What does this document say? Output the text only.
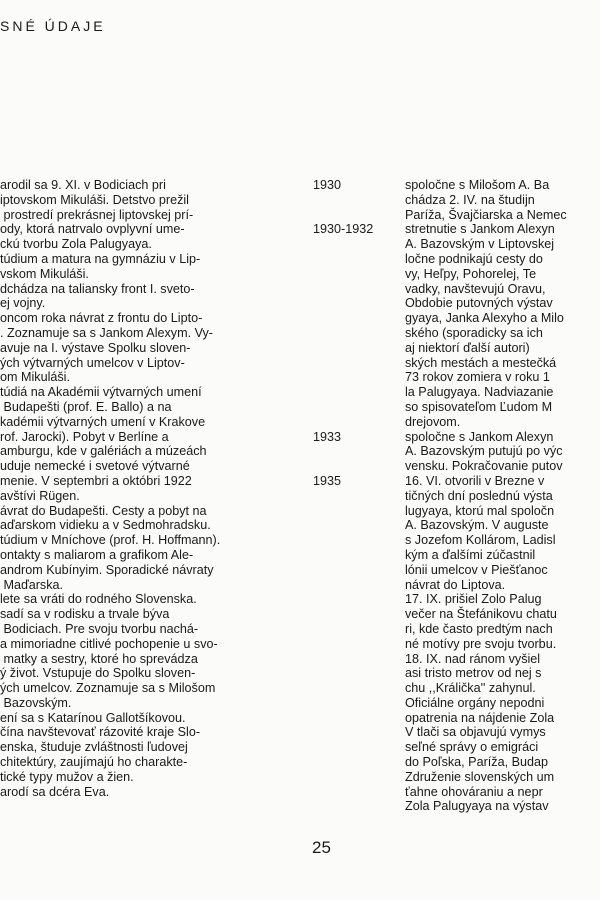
SNÉ ÚDAJE
arodil sa 9. XI. v Bodiciach pri
iptovskom Mikuláši. Detstvo prežil
prostredí prekrásnej liptovskej prí-
ody, ktorá natrvalo ovplyvní ume-
ckú tvorbu Zola Palugyaya.
túdium a matura na gymnáziu v Lip-
vskom Mikuláši.
dchádza na taliansky front I. sveto-
ej vojny.
oncom roka návrat z frontu do Lipto-
. Zoznamuje sa s Jankom Alexym. Vy-
avuje na I. výstave Spolku sloven-
ých výtvarných umelcov v Liptov-
om Mikuláši.
túdiá na Akadémii výtvarných umení
Budapešti (prof. E. Ballo) a na
kadémii výtvarných umení v Krakove
rof. Jarocki). Pobyt v Berlíne a
amburgu, kde v galériách a múzeách
uduje nemecké i svetové výtvarné
menie. V septembri a októbri 1922
avštívi Rügen.
ávrat do Budapešti. Cesty a pobyt na
aďarskom vidieku a v Sedmohradsku.
túdium v Mníchove (prof. H. Hoffmann).
ontakty s maliarom a grafikom Ale-
androm Kubínyim. Sporadické návraty
Maďarska.
lete sa vráti do rodného Slovenska.
sadí sa v rodisku a trvale býva
Bodiciach. Pre svoju tvorbu nachá-
a mimoriadne citlivé pochopenie u svo-
matky a sestry, ktoré ho sprevádza
ý život. Vstupuje do Spolku sloven-
ých umelcov. Zoznamuje sa s Milošom
Bazovským.
ení sa s Katarínou Gallotšíkovou.
čína navštevovať rázovité kraje Slo-
enska, študuje zvláštnosti ľudovej
chitektúry, zaujímajú ho charakte-
tické typy mužov a žien.
arodí sa dcéra Eva.
1930
1930-1932
1933
1935
spoločne s Milošom A. Ba
chádza 2. IV. na študijn
Paríža, Švajčiarska a Nemec
stretnutie s Jankom Alexyn
A. Bazovským v Liptovskej
ločne podnikajú cesty do
vy, Heľpy, Pohorelej, Te
vadky, navštevujú Oravu,
Obdobie putovných výstav
gyaya, Janka Alexyho a Milo
ského (sporadicky sa ich
aj niektorí ďalší autori)
ských mestách a mestečká
73 rokov zomiera v roku 1
la Palugyaya. Nadviazanie
so spisovateľom Ľudom M
drejovom.
spoločne s Jankom Alexyn
A. Bazovským putujú po výc
vensku. Pokračovanie putov
16. VI. otvorili v Brezne v
tičných dní poslednú výsta
lugyaya, ktorú mal spoločn
A. Bazovským. V auguste
s Jozefom Kollárom, Ladisl
kým a ďalšími zúčastnil
lónii umelcov v Piešťanoc
návrat do Liptova.
17. IX. prišiel Zolo Palug
večer na Štefánikovu chatu
ri, kde často predtým nach
né motívy pre svoju tvorbu.
18. IX. nad ránom vyšiel
asi tristo metrov od nej s
chu ,,Králička'' zahynul.
Oficiálne orgány nepodni
opatrenia na nájdenie Zola
V tlači sa objavujú vymys
seľné správy o emigráci
do Poľska, Paríža, Budap
Združenie slovenských um
ťahne ohováraniu a nepr
Zola Palugyaya na výstav
25
